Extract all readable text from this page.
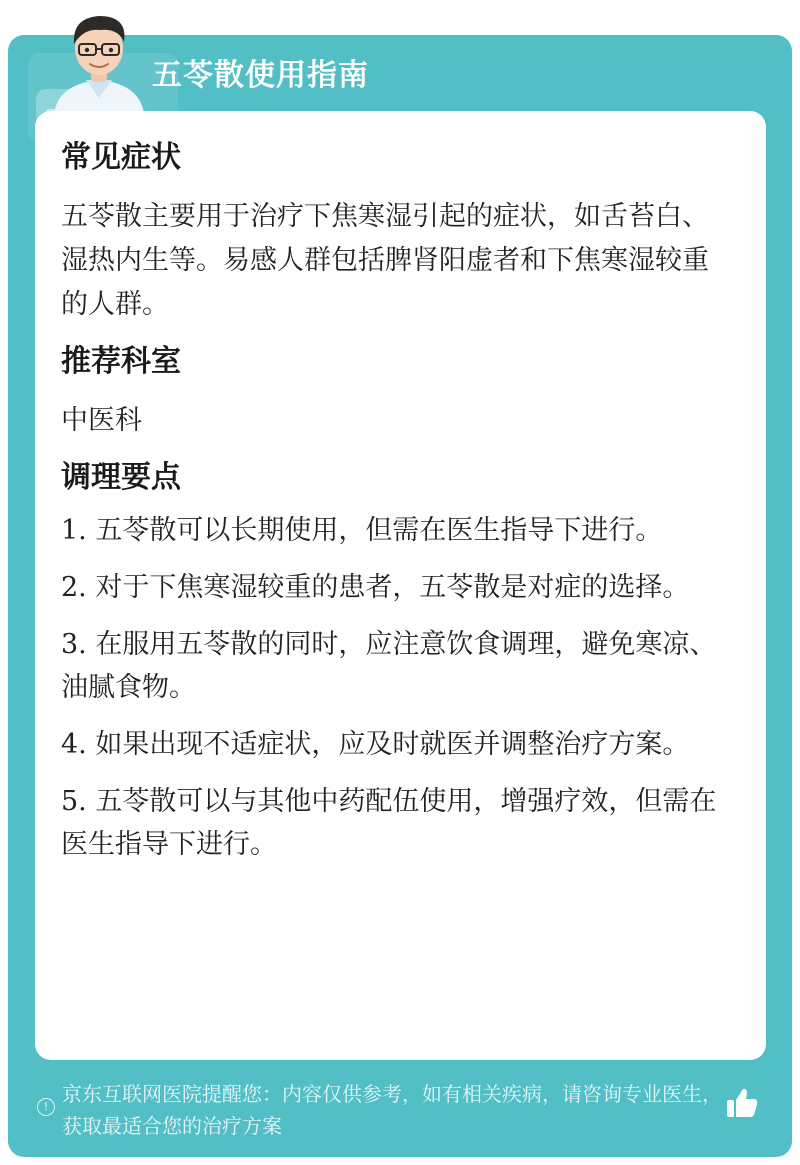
五苓散使用指南
常见症状

五苓散主要用于治疗下焦寒湿引起的症状，如舌苔白、湿热内生等。易感人群包括脾肾阳虚者和下焦寒湿较重的人群。

推荐科室

中医科

调理要点
1. 五苓散可以长期使用，但需在医生指导下进行。
2. 对于下焦寒湿较重的患者，五苓散是对症的选择。
3. 在服用五苓散的同时，应注意饮食调理，避免寒凉、油腻食物。
4. 如果出现不适症状，应及时就医并调整治疗方案。
5. 五苓散可以与其他中药配伍使用，增强疗效，但需在医生指导下进行。
!
京东互联网医院提醒您：内容仅供参考，如有相关疾病，请咨询专业医生，获取最适合您的治疗方案
